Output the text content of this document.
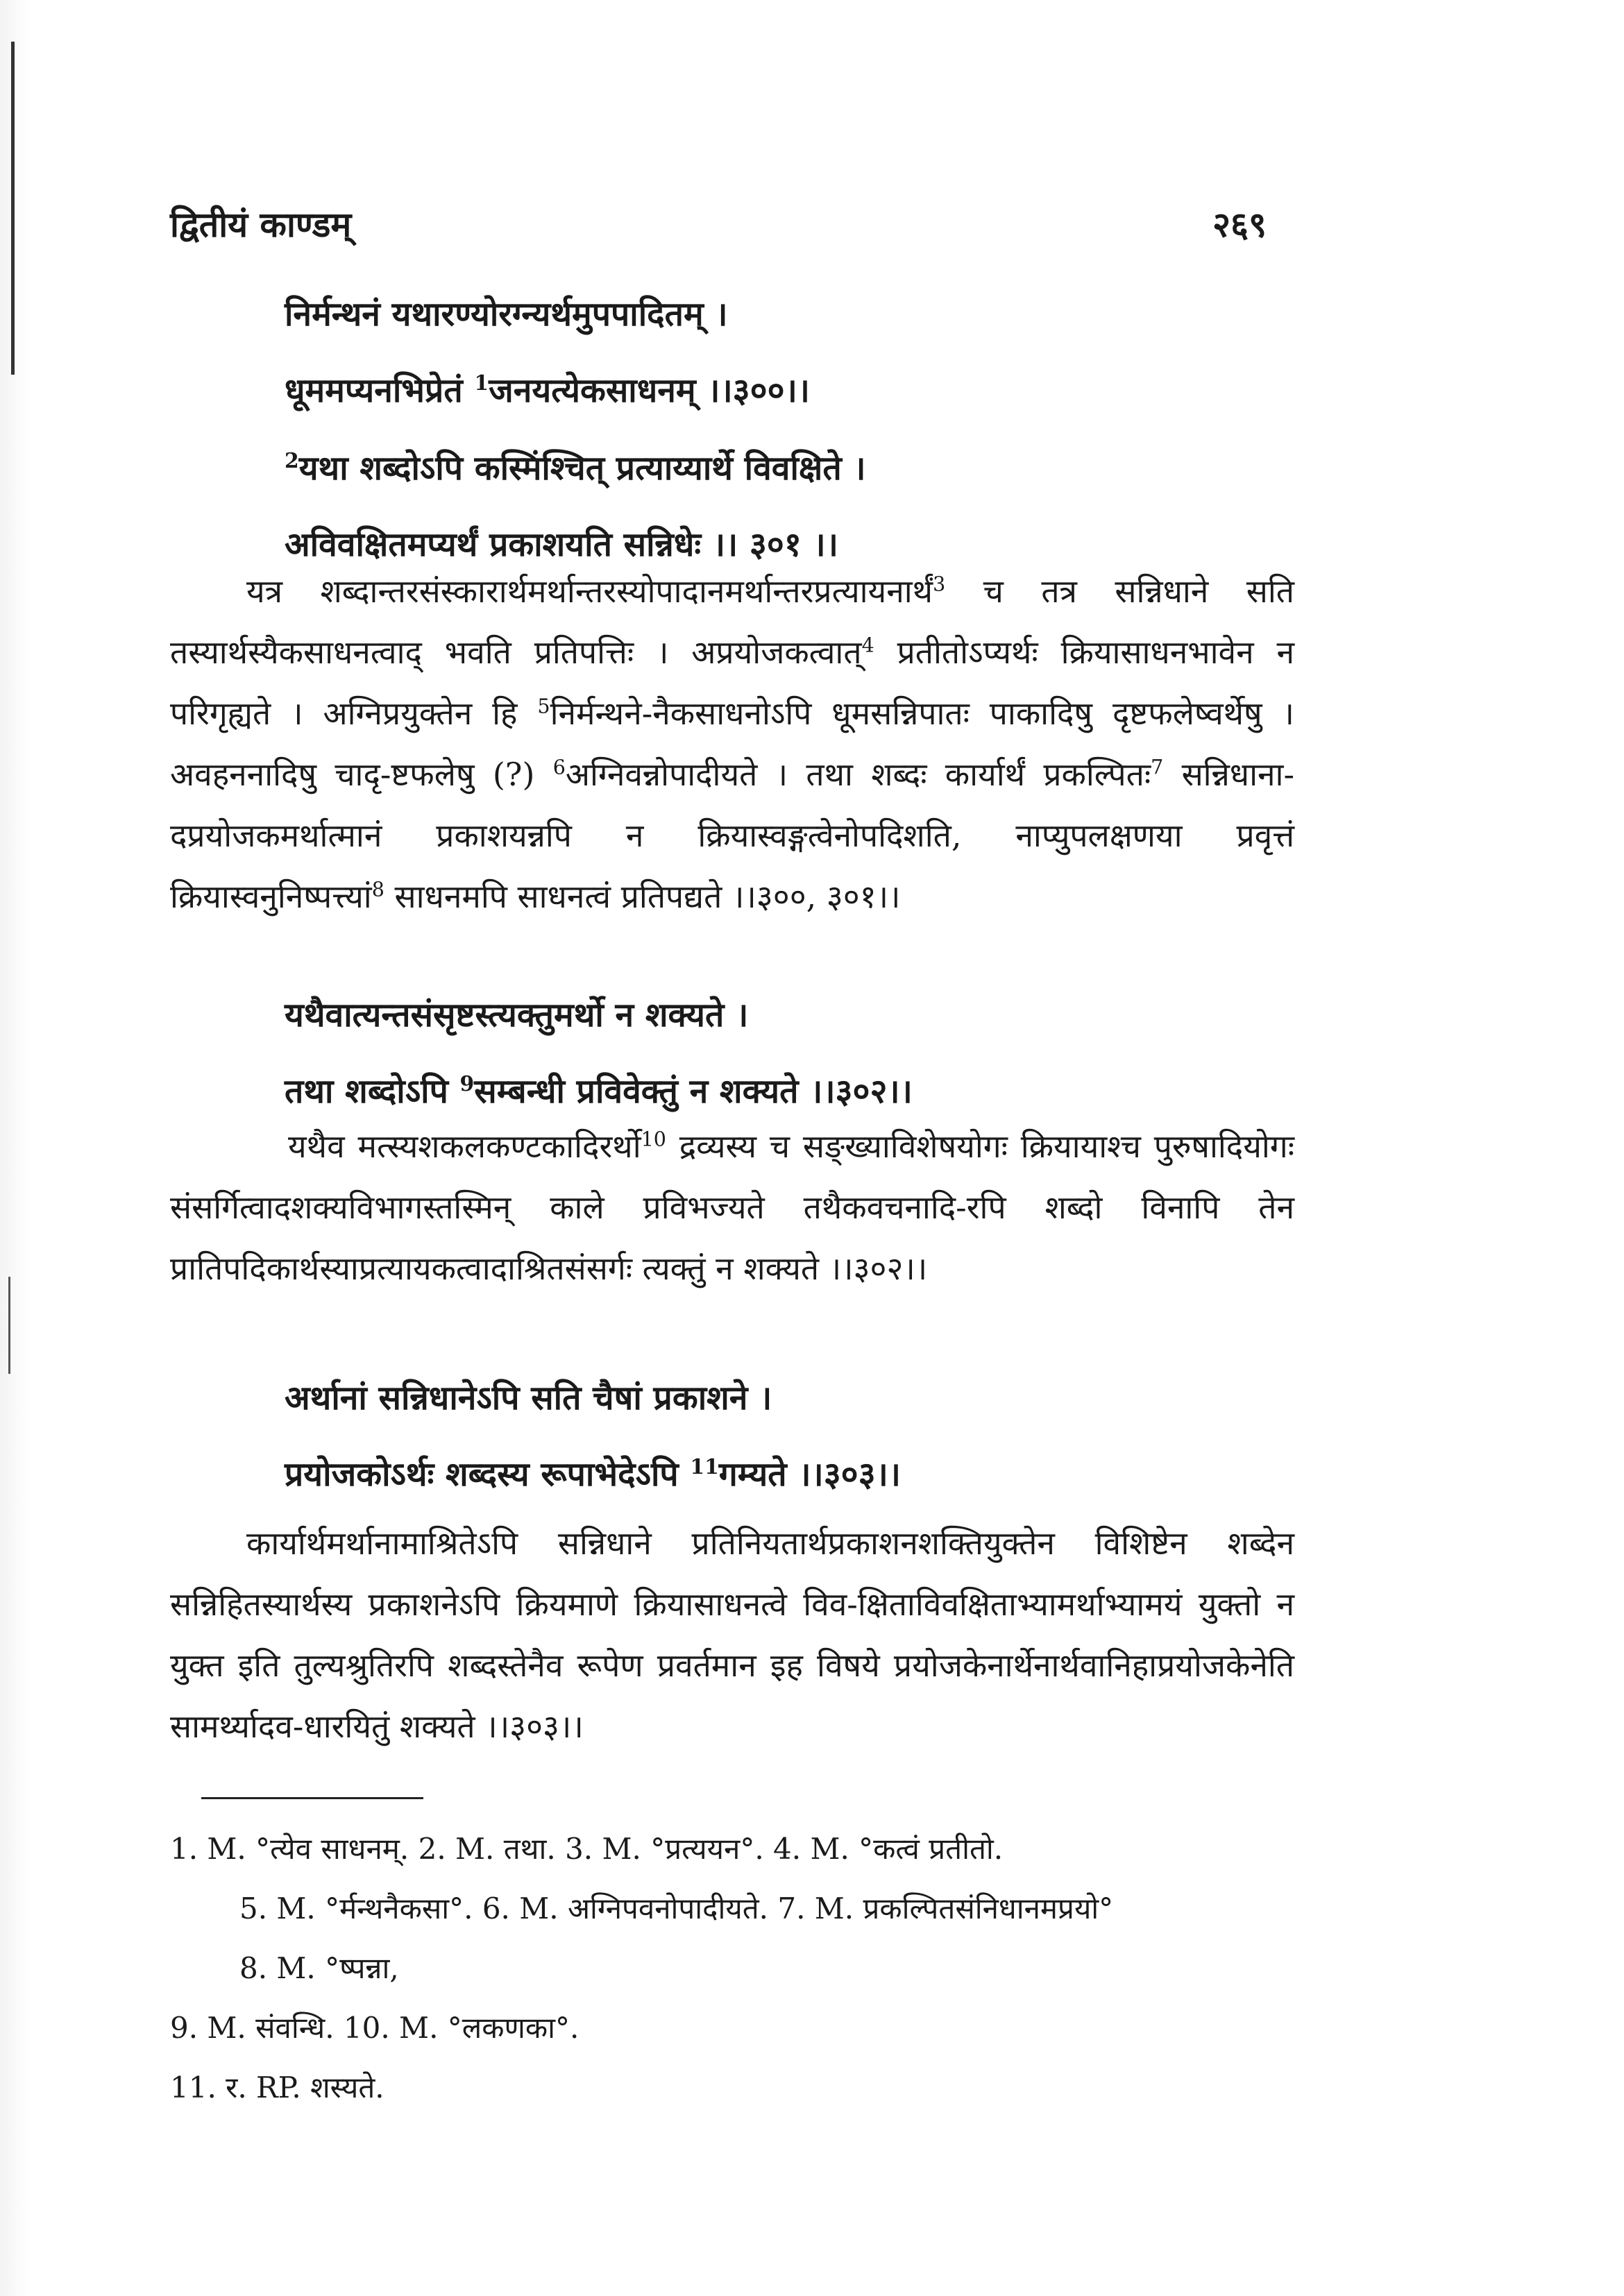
द्वितीयं काण्डम्	२६९
निर्मन्थनं यथारण्योरग्न्यर्थमुपपादितम् ।
धूममप्यनभिप्रेतं $^1$जनयत्येकसाधनम् ।।३००।।
$^2$यथा शब्दोऽपि कस्मिंश्चित् प्रत्याय्यार्थे विवक्षिते ।
अविवक्षितमप्यर्थं प्रकाशयति सन्निधेः ।। ३०१ ।।
यत्र शब्दान्तरसंस्कारार्थमर्थान्तरस्योपादानमर्थान्तरप्रत्यायनार्थं$^3$ च तत्र सन्निधाने सति तस्यार्थस्यैकसाधनत्वाद् भवति प्रतिपत्तिः । अप्रयोजकत्वात्$^4$ प्रतीतोऽप्यर्थः क्रियासाधनभावेन न परिगृह्यते । अग्निप्रयुक्तेन हि $^5$निर्मन्थने-नैकसाधनोऽपि धूमसन्निपातः पाकादिषु दृष्टफलेष्वर्थेषु । अवहननादिषु चादृ-ष्टफलेषु (?) $^6$अग्निवन्नोपादीयते । तथा शब्दः कार्यार्थं प्रकल्पितः$^7$ सन्निधाना-दप्रयोजकमर्थात्मानं प्रकाशयन्नपि न क्रियास्वङ्गत्वेनोपदिशति, नाप्युपलक्षणया प्रवृत्तं क्रियास्वनुनिष्पत्त्यां$^8$ साधनमपि साधनत्वं प्रतिपद्यते ।।३००, ३०१।।
यथैवात्यन्तसंसृष्टस्त्यक्तुमर्थो न शक्यते ।
तथा शब्दोऽपि $^9$सम्बन्धी प्रविवेक्तुं न शक्यते ।।३०२।।
यथैव मत्स्यशकलकण्टकादिरर्थो$^{10}$ द्रव्यस्य च सङ्ख्याविशेषयोगः क्रियायाश्च पुरुषादियोगः संसर्गित्वादशक्यविभागस्तस्मिन् काले प्रविभज्यते तथैकवचनादि-रपि शब्दो विनापि तेन प्रातिपदिकार्थस्याप्रत्यायकत्वादाश्रितसंसर्गः त्यक्तुं न शक्यते ।।३०२।।
अर्थानां सन्निधानेऽपि सति चैषां प्रकाशने ।
प्रयोजकोऽर्थः शब्दस्य रूपाभेदेऽपि $^{11}$गम्यते ।।३०३।।
कार्यार्थमर्थानामाश्रितेऽपि सन्निधाने प्रतिनियतार्थप्रकाशनशक्तियुक्तेन विशिष्टेन शब्देन सन्निहितस्यार्थस्य प्रकाशनेऽपि क्रियमाणे क्रियासाधनत्वे विव-क्षिताविवक्षिताभ्यामर्थाभ्यामयं युक्तो न युक्त इति तुल्यश्रुतिरपि शब्दस्तेनैव रूपेण प्रवर्तमान इह विषये प्रयोजकेनार्थेनार्थवानिहाप्रयोजकेनेति सामर्थ्यादव-धारयितुं शक्यते ।।३०३।।
1. M. °त्येव साधनम्. 2. M. तथा. 3. M. °प्रत्ययन°. 4. M. °कत्वं प्रतीतो.
5. M. °र्मन्थनैकसा°. 6. M. अग्निपवनोपादीयते. 7. M. प्रकल्पितसंनिधानमप्रयो°
8. M. °ष्पन्ना,
9. M. संवन्धि. 10. M. °लकणका°.
11. र. RP. शस्यते.
